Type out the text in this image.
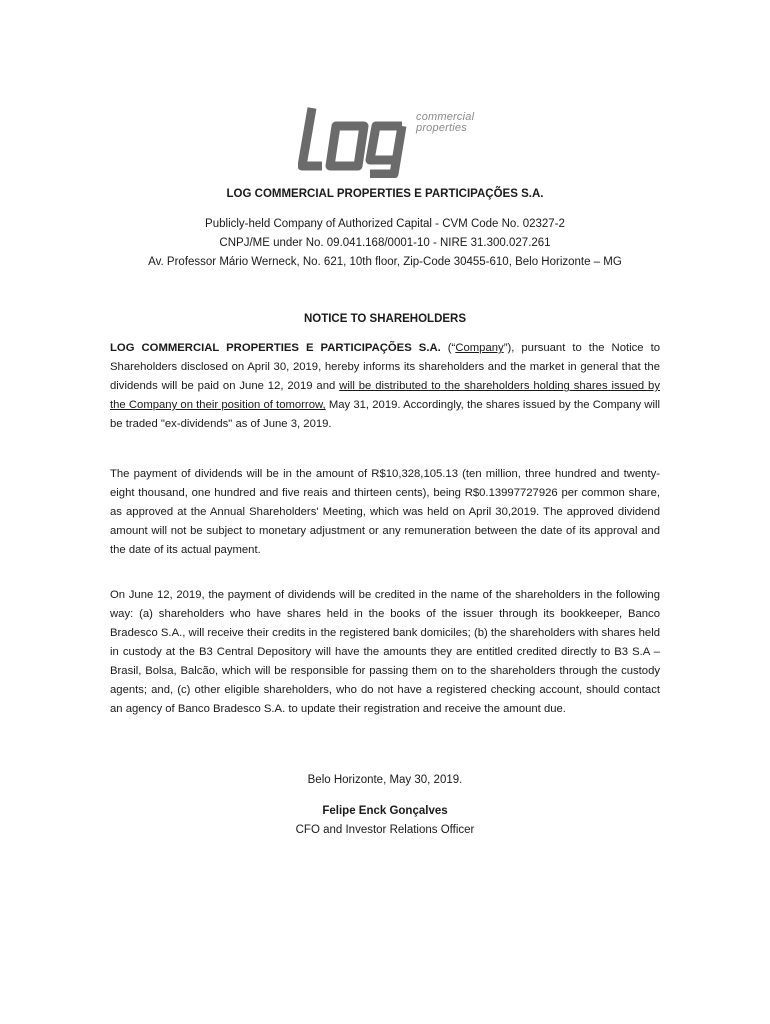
commercial
properties
LOG COMMERCIAL PROPERTIES E PARTICIPAÇÕES S.A.
Publicly-held Company of Authorized Capital - CVM Code No. 02327-2
CNPJ/ME under No. 09.041.168/0001-10 - NIRE 31.300.027.261
Av. Professor Mário Werneck, No. 621, 10th floor, Zip-Code 30455-610, Belo Horizonte – MG
NOTICE TO SHAREHOLDERS

LOG COMMERCIAL PROPERTIES E PARTICIPAÇÕES S.A. (“Company”), pursuant to the Notice to Shareholders disclosed on April 30, 2019, hereby informs its shareholders and the market in general that the dividends will be paid on June 12, 2019 and will be distributed to the shareholders holding shares issued by the Company on their position of tomorrow, May 31, 2019. Accordingly, the shares issued by the Company will be traded "ex-dividends" as of June 3, 2019.

The payment of dividends will be in the amount of R$10,328,105.13 (ten million, three hundred and twenty-eight thousand, one hundred and five reais and thirteen cents), being R$0.13997727926 per common share, as approved at the Annual Shareholders' Meeting, which was held on April 30,2019. The approved dividend amount will not be subject to monetary adjustment or any remuneration between the date of its approval and the date of its actual payment.

On June 12, 2019, the payment of dividends will be credited in the name of the shareholders in the following way: (a) shareholders who have shares held in the books of the issuer through its bookkeeper, Banco Bradesco S.A., will receive their credits in the registered bank domiciles; (b) the shareholders with shares held in custody at the B3 Central Depository will have the amounts they are entitled credited directly to B3 S.A – Brasil, Bolsa, Balcão, which will be responsible for passing them on to the shareholders through the custody agents; and, (c) other eligible shareholders, who do not have a registered checking account, should contact an agency of Banco Bradesco S.A. to update their registration and receive the amount due.

Belo Horizonte, May 30, 2019.
Felipe Enck Gonçalves
CFO and Investor Relations Officer
